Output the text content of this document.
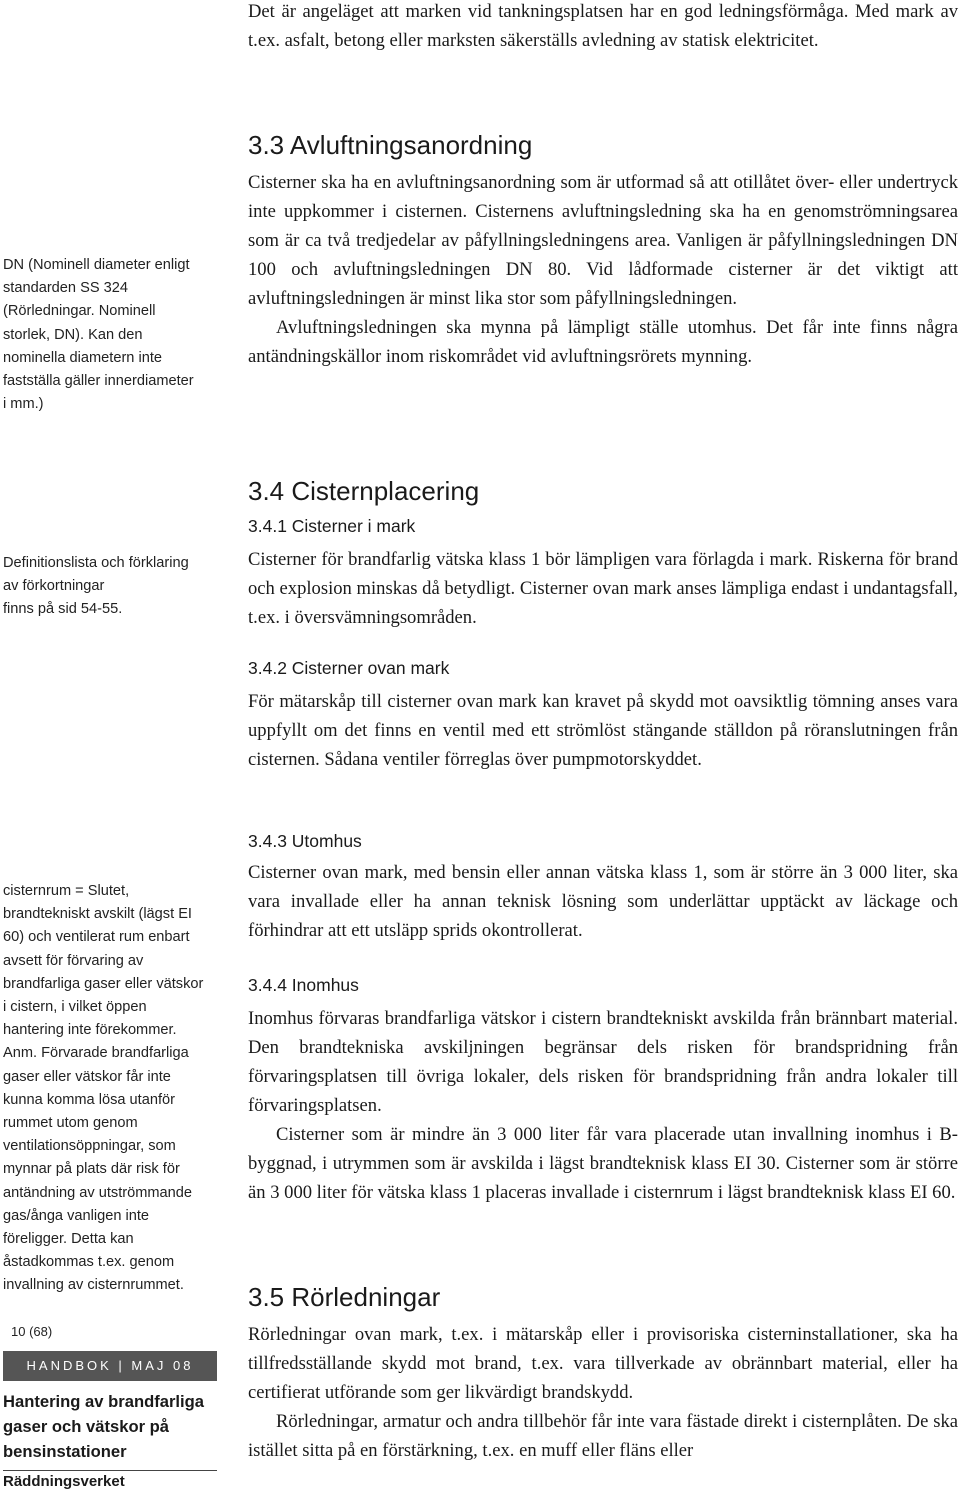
Det är angeläget att marken vid tankningsplatsen har en god ledningsförmåga. Med mark av t.ex. asfalt, betong eller marksten säkerställs avledning av statisk elektricitet.

3.3 Avluftningsanordning

Cisterner ska ha en avluftningsanordning som är utformad så att otillåtet över- eller undertryck inte uppkommer i cisternen. Cisternens avluftningsledning ska ha en genomströmningsarea som är ca två tredjedelar av påfyllningsledningens area. Vanligen är påfyllningsledningen DN 100 och avluftningsledningen DN 80. Vid lådformade cisterner är det viktigt att avluftningsledningen är minst lika stor som påfyllningsledningen.

Avluftningsledningen ska mynna på lämpligt ställe utomhus. Det får inte finns några antändningskällor inom riskområdet vid avluftningsrörets mynning.

3.4 Cisternplacering
3.4.1 Cisterner i mark

Cisterner för brandfarlig vätska klass 1 bör lämpligen vara förlagda i mark. Riskerna för brand och explosion minskas då betydligt. Cisterner ovan mark anses lämpliga endast i undantagsfall, t.ex. i översvämningsområden.

3.4.2 Cisterner ovan mark

För mätarskåp till cisterner ovan mark kan kravet på skydd mot oavsiktlig tömning anses vara uppfyllt om det finns en ventil med ett strömlöst stängande ställdon på röranslutningen från cisternen. Sådana ventiler förreglas över pumpmotorskyddet.

3.4.3 Utomhus

Cisterner ovan mark, med bensin eller annan vätska klass 1, som är större än 3 000 liter, ska vara invallade eller ha annan teknisk lösning som underlättar upptäckt av läckage och förhindrar att ett utsläpp sprids okontrollerat.

3.4.4 Inomhus

Inomhus förvaras brandfarliga vätskor i cistern brandtekniskt avskilda från brännbart material. Den brandtekniska avskiljningen begränsar dels risken för brandspridning från förvaringsplatsen till övriga lokaler, dels risken för brandspridning från andra lokaler till förvaringsplatsen.

Cisterner som är mindre än 3 000 liter får vara placerade utan invallning inomhus i B-byggnad, i utrymmen som är avskilda i lägst brandteknisk klass EI 30. Cisterner som är större än 3 000 liter för vätska klass 1 placeras invallade i cisternrum i lägst brandteknisk klass EI 60.

3.5 Rörledningar

Rörledningar ovan mark, t.ex. i mätarskåp eller i provisoriska cisterninstallationer, ska ha tillfredsställande skydd mot brand, t.ex. vara tillverkade av obrännbart material, eller ha certifierat utförande som ger likvärdigt brandskydd.

Rörledningar, armatur och andra tillbehör får inte vara fästade direkt i cisternplåten. De ska istället sitta på en förstärkning, t.ex. en muff eller fläns eller

DN (Nominell diameter enligt
standarden SS 324
(Rörledningar. Nominell
storlek, DN). Kan den
nominella diametern inte
fastställa gäller innerdiameter
i mm.)
Definitionslista och förklaring
av förkortningar
finns på sid 54-55.
cisternrum = Slutet,
brandtekniskt avskilt (lägst EI
60) och ventilerat rum enbart
avsett för förvaring av
brandfarliga gaser eller vätskor
i cistern, i vilket öppen
hantering inte förekommer.
Anm. Förvarade brandfarliga
gaser eller vätskor får inte
kunna komma lösa utanför
rummet utom genom
ventilationsöppningar, som
mynnar på plats där risk för
antändning av utströmmande
gas/ånga vanligen inte
föreligger. Detta kan
åstadkommas t.ex. genom
invallning av cisternrummet.
10 (68)
HANDBOK | MAJ 08
Hantering av brandfarliga
gaser och vätskor på
bensinstationer
Räddningsverket
